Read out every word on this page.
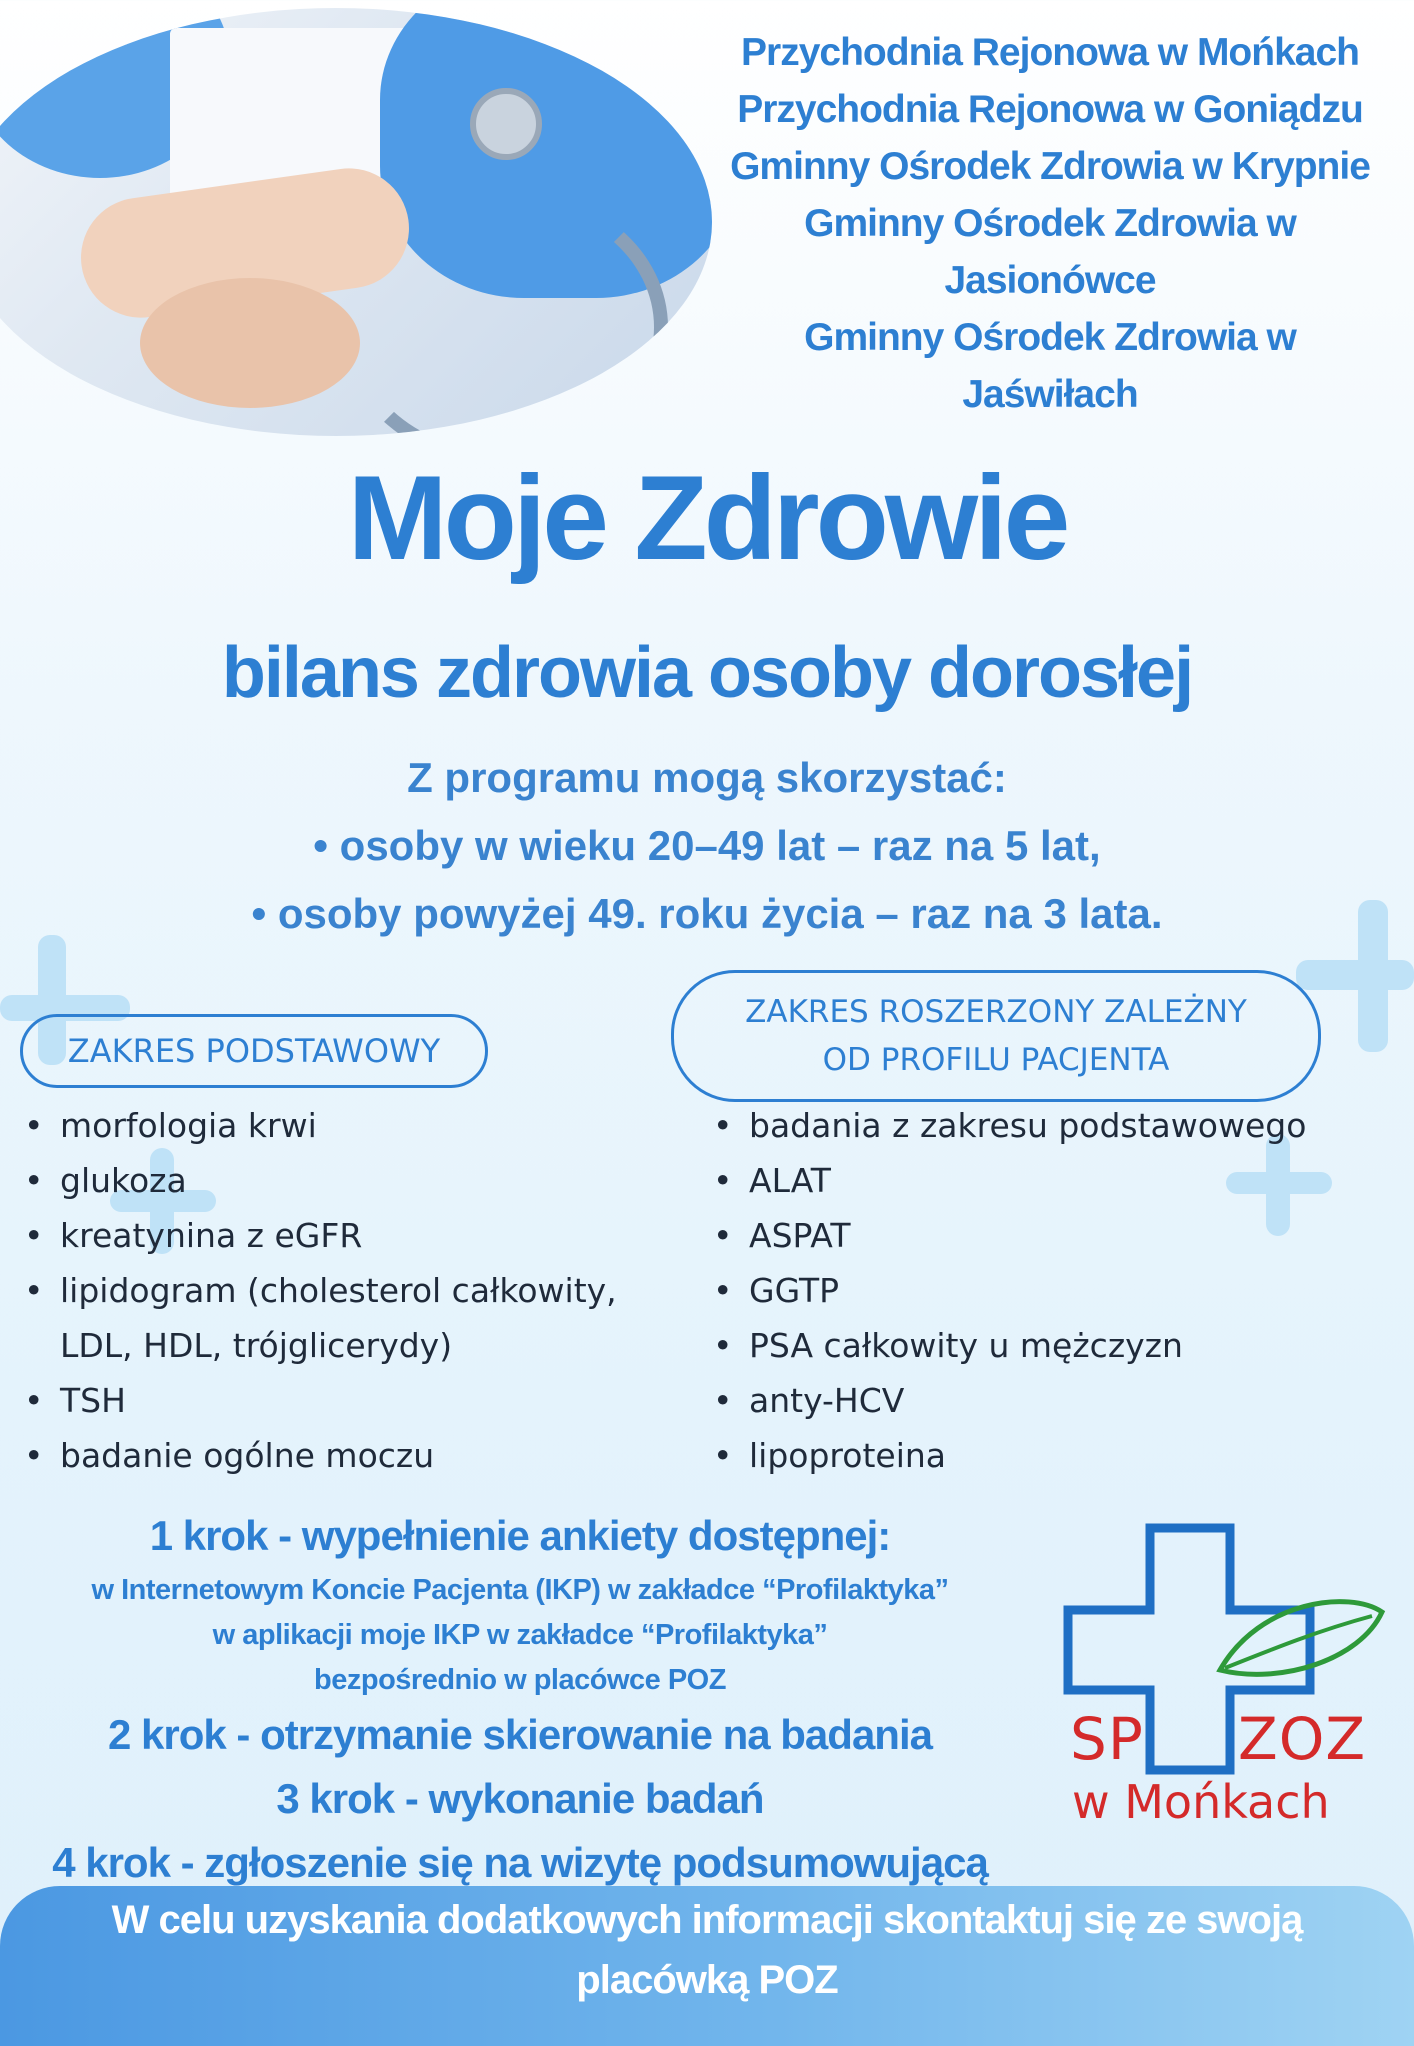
Przychodnia Rejonowa w Mońkach
Przychodnia Rejonowa w Goniądzu
Gminny Ośrodek Zdrowia w Krypnie
Gminny Ośrodek Zdrowia w
Jasionówce
Gminny Ośrodek Zdrowia w
Jaświłach
Moje Zdrowie
bilans zdrowia osoby dorosłej
Z programu mogą skorzystać:
• osoby w wieku 20–49 lat – raz na 5 lat,
• osoby powyżej 49. roku życia – raz na 3 lata.
ZAKRES PODSTAWOWY
ZAKRES ROSZERZONY ZALEŻNY
OD PROFILU PACJENTA
• morfologia krwi
• glukoza
• kreatynina z eGFR
• lipidogram (cholesterol całkowity, LDL, HDL, trójglicerydy)
• TSH
• badanie ogólne moczu
• badania z zakresu podstawowego
• ALAT
• ASPAT
• GGTP
• PSA całkowity u mężczyzn
• anty-HCV
• lipoproteina
1 krok - wypełnienie ankiety dostępnej:
w Internetowym Koncie Pacjenta (IKP) w zakładce “Profilaktyka”
w aplikacji moje IKP w zakładce “Profilaktyka”
bezpośrednio w placówce POZ
2 krok - otrzymanie skierowanie na badania
3 krok - wykonanie badań
4 krok - zgłoszenie się na wizytę podsumowującą
SP ZOZ
w Mońkach
W celu uzyskania dodatkowych informacji skontaktuj się ze swoją
placówką POZ
